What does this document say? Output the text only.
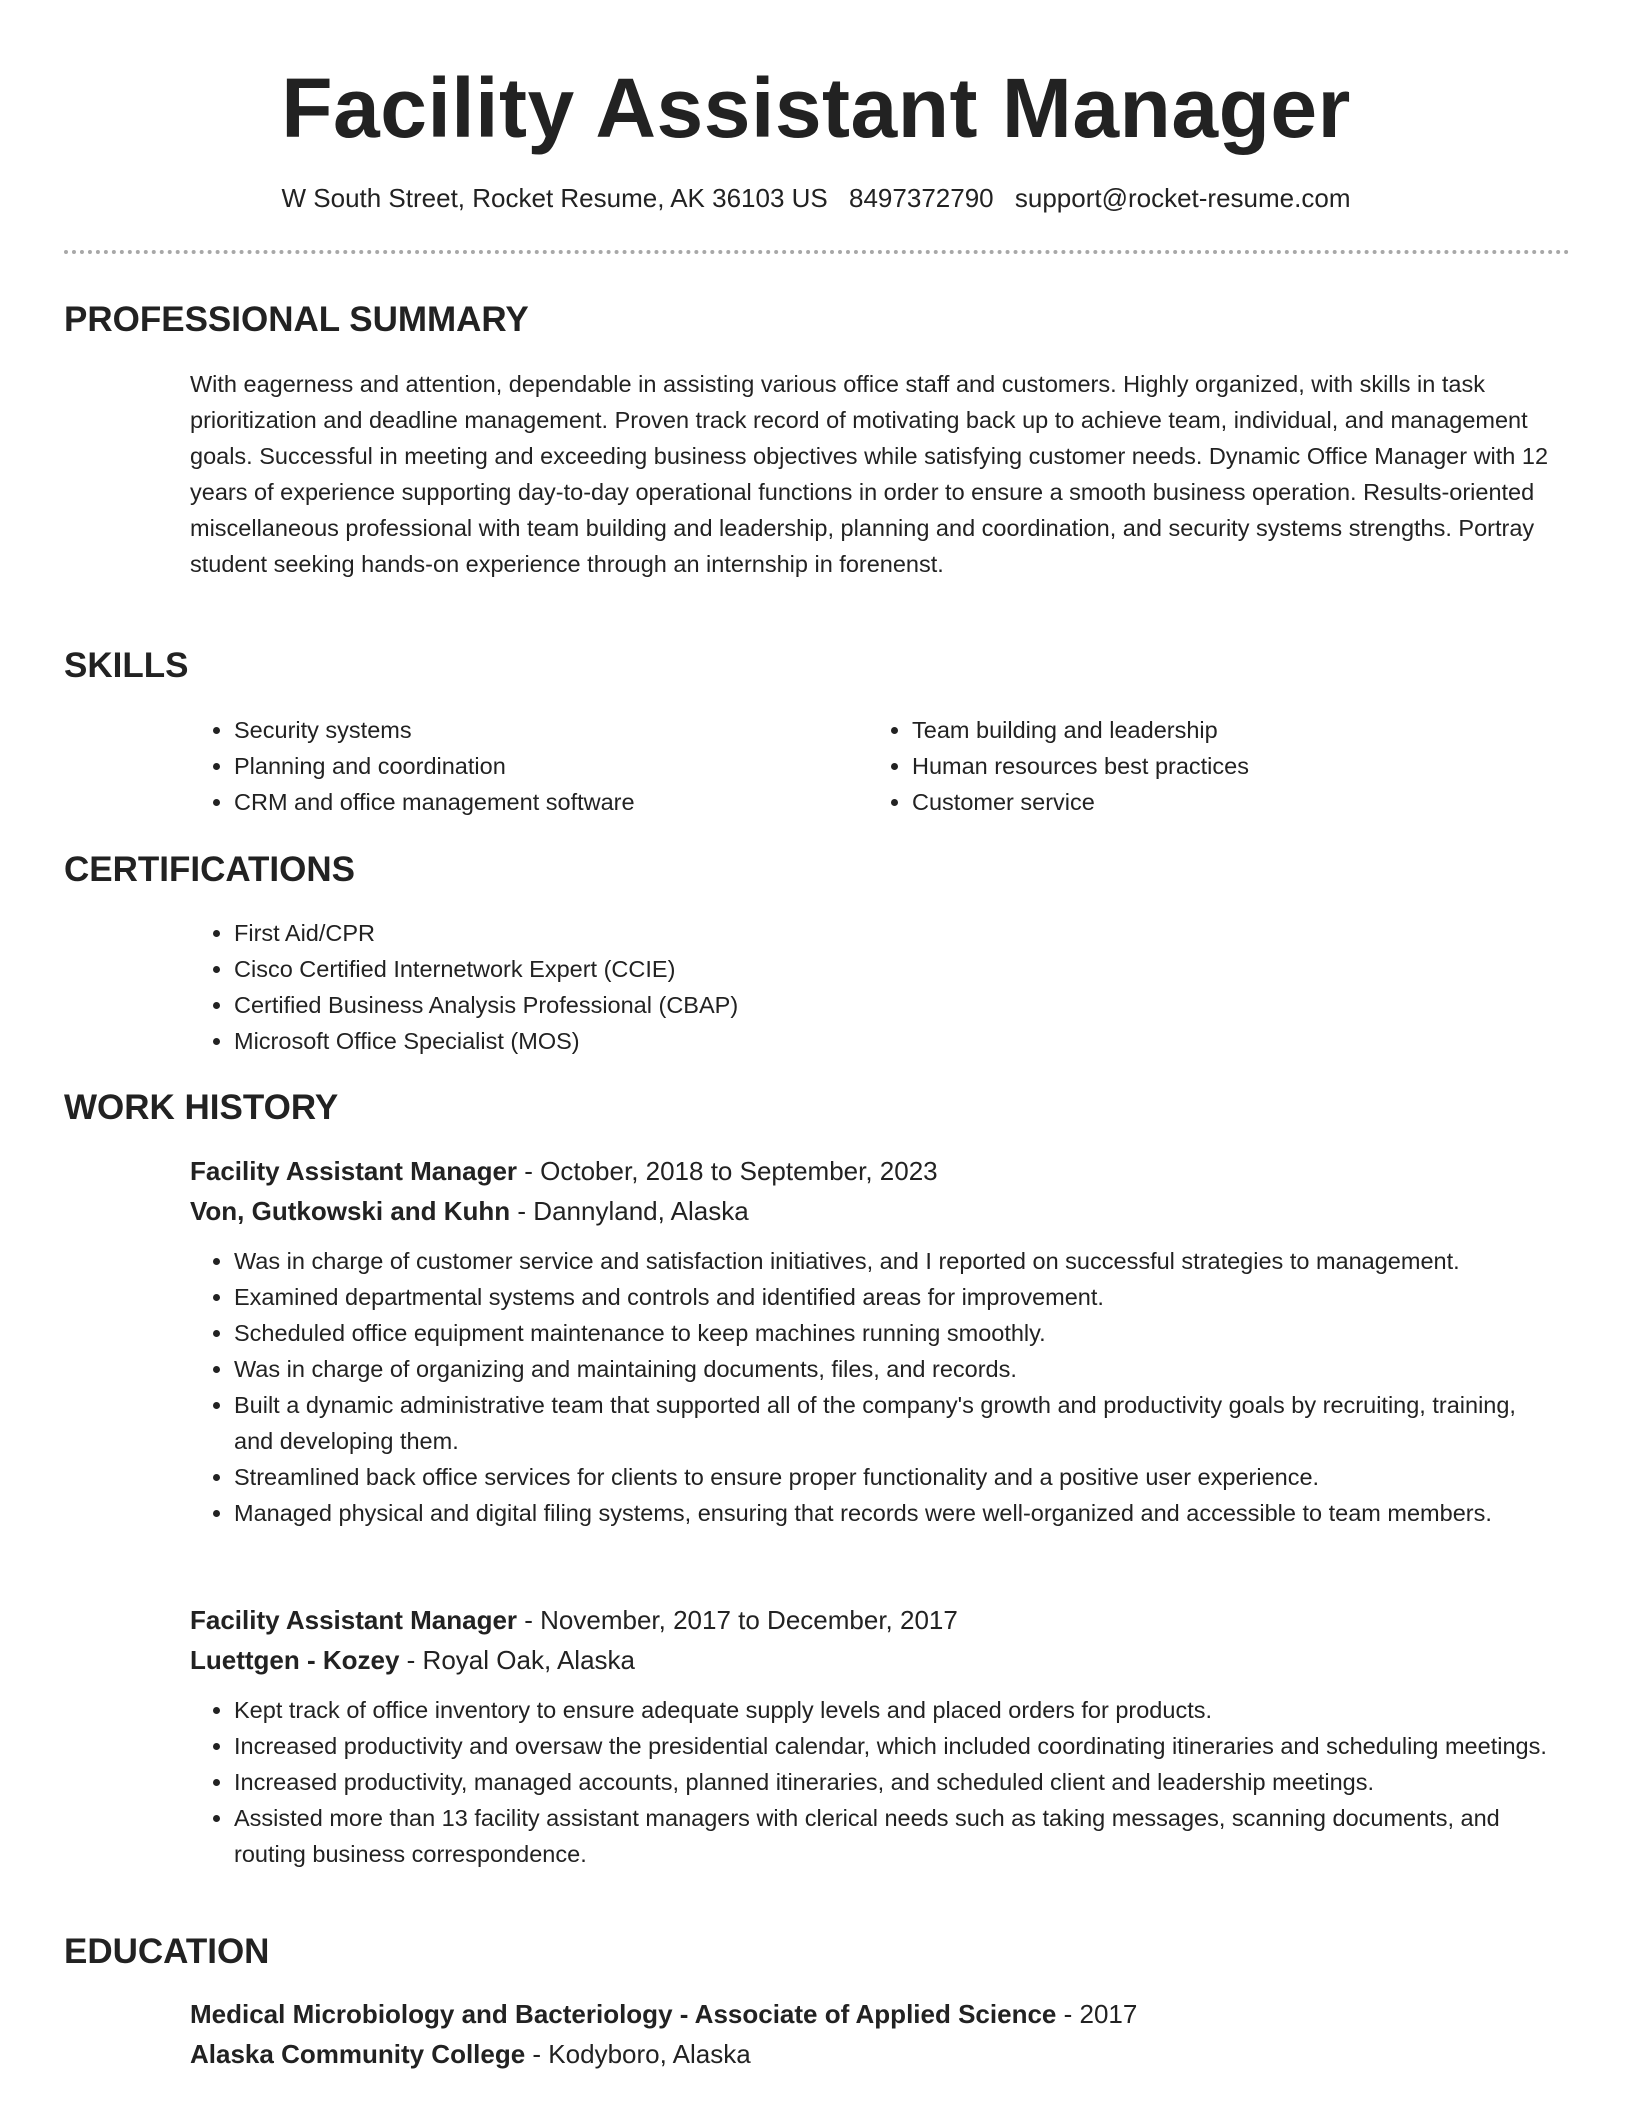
Facility Assistant Manager
W South Street, Rocket Resume, AK 36103 US 8497372790 support@rocket-resume.com
PROFESSIONAL SUMMARY

With eagerness and attention, dependable in assisting various office staff and customers. Highly organized, with skills in task prioritization and deadline management. Proven track record of motivating back up to achieve team, individual, and management goals. Successful in meeting and exceeding business objectives while satisfying customer needs. Dynamic Office Manager with 12 years of experience supporting day-to-day operational functions in order to ensure a smooth business operation. Results-oriented miscellaneous professional with team building and leadership, planning and coordination, and security systems strengths. Portray student seeking hands-on experience through an internship in forenenst.

SKILLS
• Security systems
• Planning and coordination
• CRM and office management software
• Team building and leadership
• Human resources best practices
• Customer service
CERTIFICATIONS
• First Aid/CPR
• Cisco Certified Internetwork Expert (CCIE)
• Certified Business Analysis Professional (CBAP)
• Microsoft Office Specialist (MOS)
WORK HISTORY
Facility Assistant Manager - October, 2018 to September, 2023
Von, Gutkowski and Kuhn - Dannyland, Alaska
• Was in charge of customer service and satisfaction initiatives, and I reported on successful strategies to management.
• Examined departmental systems and controls and identified areas for improvement.
• Scheduled office equipment maintenance to keep machines running smoothly.
• Was in charge of organizing and maintaining documents, files, and records.
• Built a dynamic administrative team that supported all of the company's growth and productivity goals by recruiting, training, and developing them.
• Streamlined back office services for clients to ensure proper functionality and a positive user experience.
• Managed physical and digital filing systems, ensuring that records were well-organized and accessible to team members.
Facility Assistant Manager - November, 2017 to December, 2017
Luettgen - Kozey - Royal Oak, Alaska
• Kept track of office inventory to ensure adequate supply levels and placed orders for products.
• Increased productivity and oversaw the presidential calendar, which included coordinating itineraries and scheduling meetings.
• Increased productivity, managed accounts, planned itineraries, and scheduled client and leadership meetings.
• Assisted more than 13 facility assistant managers with clerical needs such as taking messages, scanning documents, and routing business correspondence.
EDUCATION
Medical Microbiology and Bacteriology - Associate of Applied Science - 2017
Alaska Community College - Kodyboro, Alaska
